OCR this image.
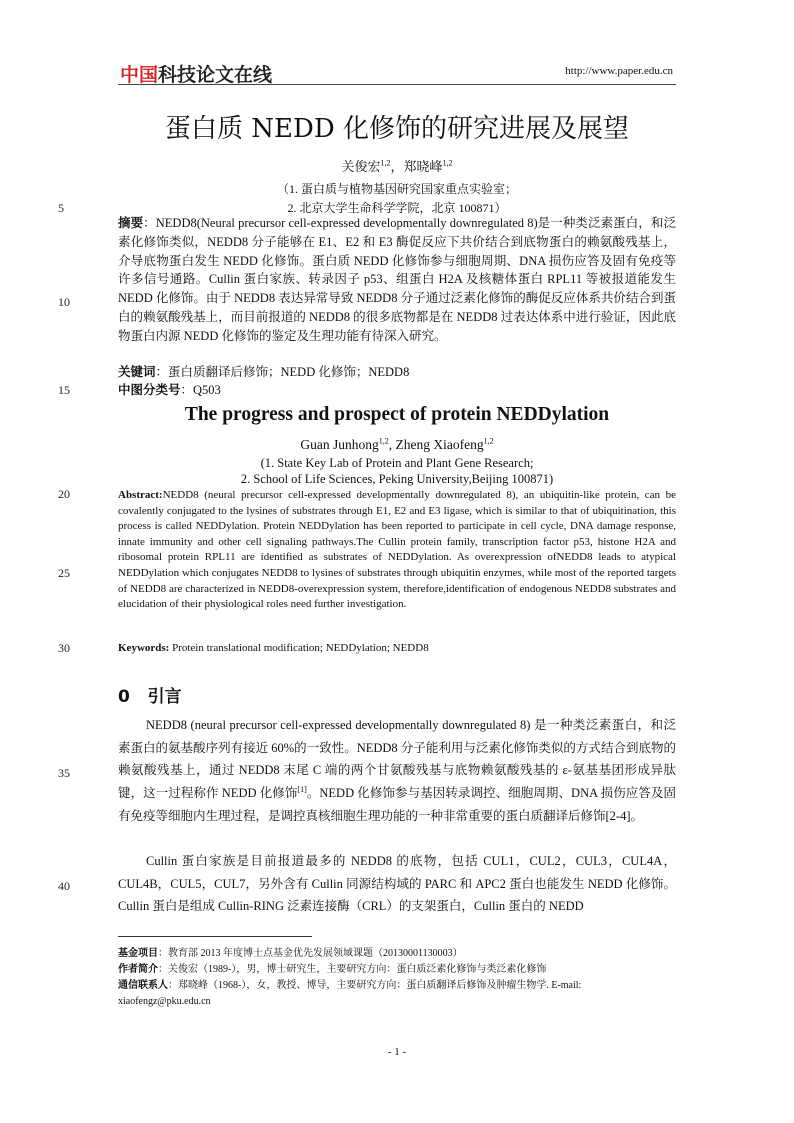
中国科技论文在线	http://www.paper.edu.cn
蛋白质 NEDD 化修饰的研究进展及展望
关俊宏$^{1,2}$，郑晓峰$^{1,2}$
（1. 蛋白质与植物基因研究国家重点实验室；
2. 北京大学生命科学学院，北京 100871）
摘要：NEDD8(Neural precursor cell-expressed developmentally downregulated 8)是一种类泛素蛋白，和泛素化修饰类似，NEDD8 分子能够在 E1、E2 和 E3 酶促反应下共价结合到底物蛋白的赖氨酸残基上，介导底物蛋白发生 NEDD 化修饰。蛋白质 NEDD 化修饰参与细胞周期、DNA 损伤应答及固有免疫等许多信号通路。Cullin 蛋白家族、转录因子 p53、组蛋白 H2A 及核糖体蛋白 RPL11 等被报道能发生 NEDD 化修饰。由于 NEDD8 表达异常导致 NEDD8 分子通过泛素化修饰的酶促反应体系共价结合到蛋白的赖氨酸残基上，而目前报道的 NEDD8 的很多底物都是在 NEDD8 过表达体系中进行验证，因此底物蛋白内源 NEDD 化修饰的鉴定及生理功能有待深入研究。
关键词：蛋白质翻译后修饰；NEDD 化修饰；NEDD8
中图分类号：Q503
The progress and prospect of protein NEDDylation
Guan Junhong$^{1,2}$, Zheng Xiaofeng$^{1,2}$
(1. State Key Lab of Protein and Plant Gene Research;
2. School of Life Sciences, Peking University,Beijing 100871)
Abstract:NEDD8 (neural precursor cell-expressed developmentally downregulated 8), an ubiquitin-like protein, can be covalently conjugated to the lysines of substrates through E1, E2 and E3 ligase, which is similar to that of ubiquitination, this process is called NEDDylation. Protein NEDDylation has been reported to participate in cell cycle, DNA damage response, innate immunity and other cell signaling pathways.The Cullin protein family, transcription factor p53, histone H2A and ribosomal protein RPL11 are identified as substrates of NEDDylation. As overexpression ofNEDD8 leads to atypical NEDDylation which conjugates NEDD8 to lysines of substrates through ubiquitin enzymes, while most of the reported targets of NEDD8 are characterized in NEDD8-overexpression system, therefore,identification of endogenous NEDD8 substrates and elucidation of their physiological roles need further investigation.
Keywords: Protein translational modification; NEDDylation; NEDD8
0 引言
NEDD8 (neural precursor cell-expressed developmentally downregulated 8) 是一种类泛素蛋白，和泛素蛋白的氨基酸序列有接近 60%的一致性。NEDD8 分子能利用与泛素化修饰类似的方式结合到底物的赖氨酸残基上，通过 NEDD8 末尾 C 端的两个甘氨酸残基与底物赖氨酸残基的 ε-氨基基团形成异肽键，这一过程称作 NEDD 化修饰[1]。NEDD 化修饰参与基因转录调控、细胞周期、DNA 损伤应答及固有免疫等细胞内生理过程，是调控真核细胞生理功能的一种非常重要的蛋白质翻译后修饰[2-4]。
Cullin 蛋白家族是目前报道最多的 NEDD8 的底物，包括 CUL1，CUL2，CUL3，CUL4A，CUL4B，CUL5，CUL7，另外含有 Cullin 同源结构域的 PARC 和 APC2 蛋白也能发生 NEDD 化修饰。Cullin 蛋白是组成 Cullin-RING 泛素连接酶（CRL）的支架蛋白，Cullin 蛋白的 NEDD
5
10
15
20
25
30
35
40
基金项目：教育部 2013 年度博士点基金优先发展领域课题（20130001130003）
作者简介：关俊宏（1989-），男，博士研究生，主要研究方向：蛋白质泛素化修饰与类泛素化修饰
通信联系人：郑晓峰（1968-），女，教授、博导，主要研究方向：蛋白质翻译后修饰及肿瘤生物学. E-mail: xiaofengz@pku.edu.cn
- 1 -
